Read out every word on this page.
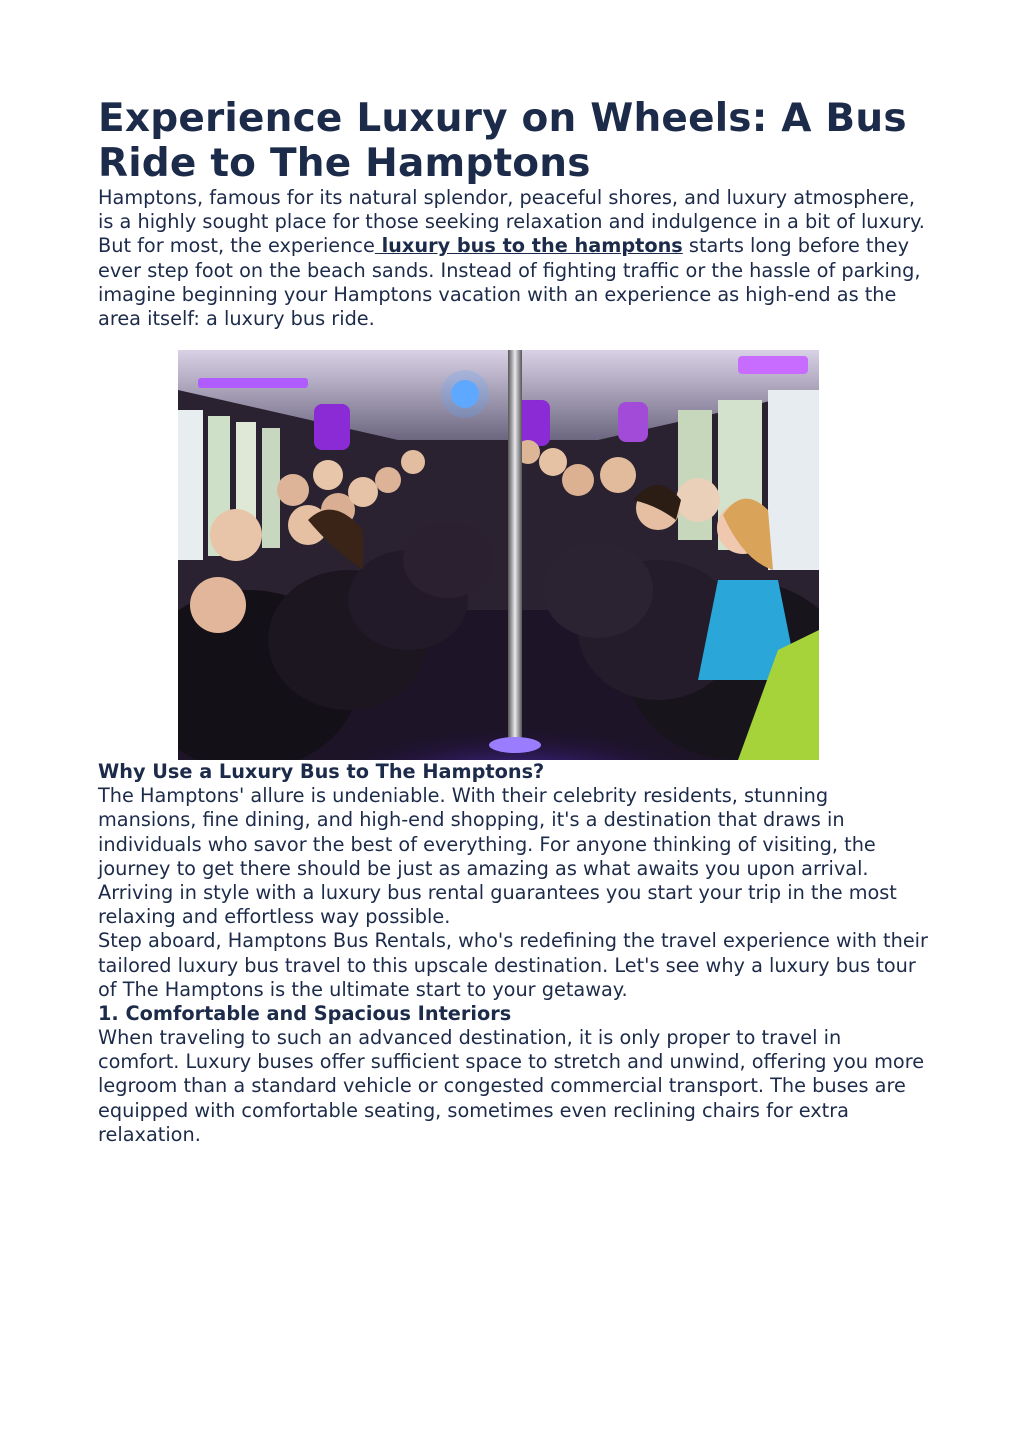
Experience Luxury on Wheels: A Bus Ride to The Hamptons

Hamptons, famous for its natural splendor, peaceful shores, and luxury atmosphere, is a highly sought place for those seeking relaxation and indulgence in a bit of luxury. But for most, the experience luxury bus to the hamptons starts long before they ever step foot on the beach sands. Instead of fighting traffic or the hassle of parking, imagine beginning your Hamptons vacation with an experience as high-end as the area itself: a luxury bus ride.

Why Use a Luxury Bus to The Hamptons?

The Hamptons' allure is undeniable. With their celebrity residents, stunning mansions, fine dining, and high-end shopping, it's a destination that draws in individuals who savor the best of everything. For anyone thinking of visiting, the journey to get there should be just as amazing as what awaits you upon arrival. Arriving in style with a luxury bus rental guarantees you start your trip in the most relaxing and effortless way possible.

Step aboard, Hamptons Bus Rentals, who's redefining the travel experience with their tailored luxury bus travel to this upscale destination. Let's see why a luxury bus tour of The Hamptons is the ultimate start to your getaway.

1. Comfortable and Spacious Interiors

When traveling to such an advanced destination, it is only proper to travel in comfort. Luxury buses offer sufficient space to stretch and unwind, offering you more legroom than a standard vehicle or congested commercial transport. The buses are equipped with comfortable seating, sometimes even reclining chairs for extra relaxation.
